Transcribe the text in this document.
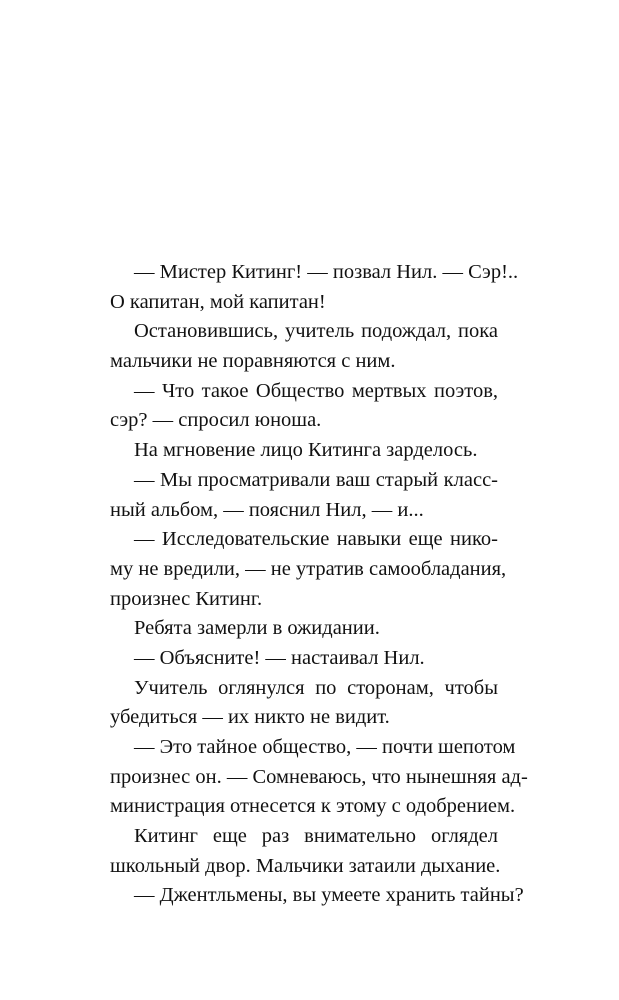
— Мистер Китинг! — позвал Нил. — Сэр!..
О капитан, мой капитан!
Остановившись, учитель подождал, пока
мальчики не поравняются с ним.
— Что такое Общество мертвых поэтов,
сэр? — спросил юноша.
На мгновение лицо Китинга зарделось.
— Мы просматривали ваш старый класс-
ный альбом, — пояснил Нил, — и...
— Исследовательские навыки еще нико-
му не вредили, — не утратив самообладания,
произнес Китинг.
Ребята замерли в ожидании.
— Объясните! — настаивал Нил.
Учитель оглянулся по сторонам, чтобы
убедиться — их никто не видит.
— Это тайное общество, — почти шепотом
произнес он. — Сомневаюсь, что нынешняя ад-
министрация отнесется к этому с одобрением.
Китинг еще раз внимательно оглядел
школьный двор. Мальчики затаили дыхание.
— Джентльмены, вы умеете хранить тайны?
